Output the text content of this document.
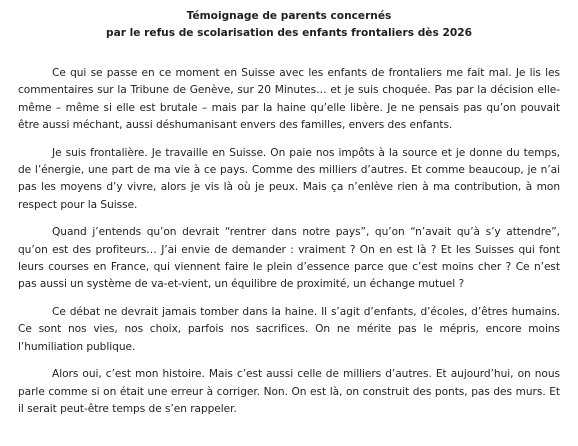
Témoignage de parents concernés
par le refus de scolarisation des enfants frontaliers dès 2026

Ce qui se passe en ce moment en Suisse avec les enfants de frontaliers me fait mal. Je lis les commentaires sur la Tribune de Genève, sur 20 Minutes… et je suis choquée. Pas par la décision elle-même – même si elle est brutale – mais par la haine qu’elle libère. Je ne pensais pas qu’on pouvait être aussi méchant, aussi déshumanisant envers des familles, envers des enfants.

Je suis frontalière. Je travaille en Suisse. On paie nos impôts à la source et je donne du temps, de l’énergie, une part de ma vie à ce pays. Comme des milliers d’autres. Et comme beaucoup, je n’ai pas les moyens d’y vivre, alors je vis là où je peux. Mais ça n’enlève rien à ma contribution, à mon respect pour la Suisse.

Quand j’entends qu’on devrait “rentrer dans notre pays”, qu’on “n’avait qu’à s’y attendre”, qu’on est des profiteurs… J’ai envie de demander : vraiment ? On en est là ? Et les Suisses qui font leurs courses en France, qui viennent faire le plein d’essence parce que c’est moins cher ? Ce n’est pas aussi un système de va-et-vient, un équilibre de proximité, un échange mutuel ?

Ce débat ne devrait jamais tomber dans la haine. Il s’agit d’enfants, d’écoles, d’êtres humains. Ce sont nos vies, nos choix, parfois nos sacrifices. On ne mérite pas le mépris, encore moins l’humiliation publique.

Alors oui, c’est mon histoire. Mais c’est aussi celle de milliers d’autres. Et aujourd’hui, on nous parle comme si on était une erreur à corriger. Non. On est là, on construit des ponts, pas des murs. Et il serait peut-être temps de s’en rappeler.
